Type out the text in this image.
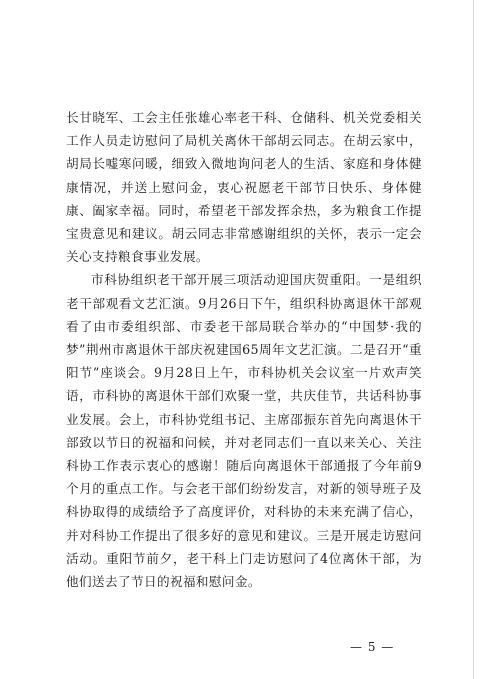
长甘晓军、工会主任张雄心率老干科、仓储科、机关党委相关工作人员走访慰问了局机关离休干部胡云同志。在胡云家中，胡局长嘘寒问暖，细致入微地询问老人的生活、家庭和身体健康情况，并送上慰问金，衷心祝愿老干部节日快乐、身体健康、阖家幸福。同时，希望老干部发挥余热，多为粮食工作提宝贵意见和建议。胡云同志非常感谢组织的关怀，表示一定会关心支持粮食事业发展。

市科协组织老干部开展三项活动迎国庆贺重阳。一是组织老干部观看文艺汇演。9月26日下午，组织科协离退休干部观看了由市委组织部、市委老干部局联合举办的“中国梦·我的梦”荆州市离退休干部庆祝建国65周年文艺汇演。二是召开“重阳节”座谈会。9月28日上午，市科协机关会议室一片欢声笑语，市科协的离退休干部们欢聚一堂，共庆佳节，共话科协事业发展。会上，市科协党组书记、主席邵振东首先向离退休干部致以节日的祝福和问候，并对老同志们一直以来关心、关注科协工作表示衷心的感谢！随后向离退休干部通报了今年前9个月的重点工作。与会老干部们纷纷发言，对新的领导班子及科协取得的成绩给予了高度评价，对科协的未来充满了信心，并对科协工作提出了很多好的意见和建议。三是开展走访慰问活动。重阳节前夕，老干科上门走访慰问了4位离休干部，为他们送去了节日的祝福和慰问金。

— 5 —
